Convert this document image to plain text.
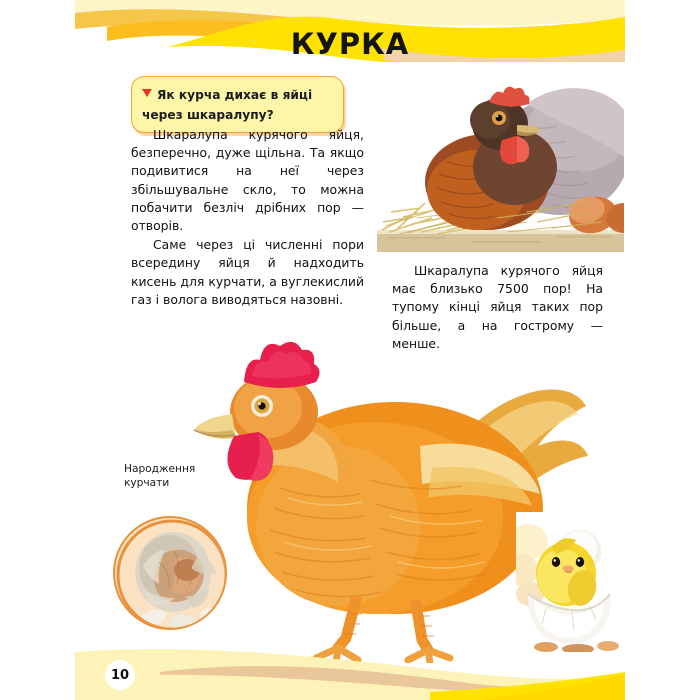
КУРКА
Як курча дихає в яйці через шкаралупу?

Шкаралупа курячого яйця, безперечно, дуже щільна. Та якщо подивитися на неї через збільшувальне скло, то можна побачити безліч дрібних пор — отворів.

Саме через ці численні пори всередину яйця й надходить кисень для курчати, а вуглекислий газ і волога виводяться назовні.

Шкаралупа курячого яйця має близько 7500 пор! На тупому кінці яйця таких пор більше, а на гострому — менше.

Народження курчати
10
